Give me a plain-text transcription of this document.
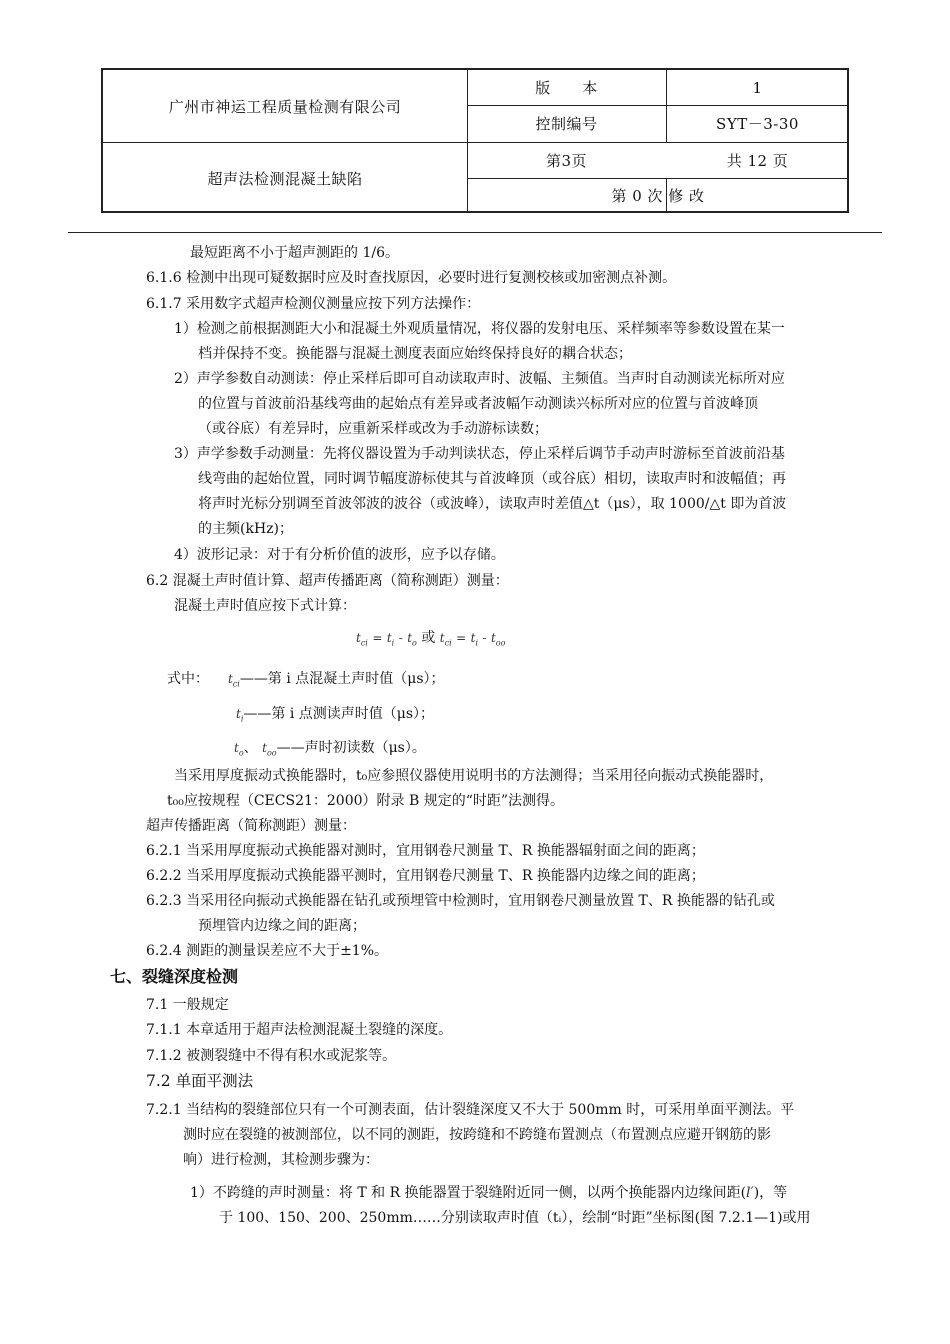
广州市神运工程质量检测有限公司
超声法检测混凝土缺陷
版      本	1
控制编号	SYT－3-30
第3页	共 12 页
第 0 次 修 改
最短距离不小于超声测距的 1/6。
6.1.6 检测中出现可疑数据时应及时查找原因，必要时进行复测校核或加密测点补测。
6.1.7 采用数字式超声检测仪测量应按下列方法操作：
1）检测之前根据测距大小和混凝土外观质量情况，将仪器的发射电压、采样频率等参数设置在某一
档并保持不变。换能器与混凝土测度表面应始终保持良好的耦合状态；
2）声学参数自动测读：停止采样后即可自动读取声时、波幅、主频值。当声时自动测读光标所对应
的位置与首波前沿基线弯曲的起始点有差异或者波幅乍动测读兴标所对应的位置与首波峰顶
（或谷底）有差异时，应重新采样或改为手动游标读数；
3）声学参数手动测量：先将仪器设置为手动判读状态，停止采样后调节手动声时游标至首波前沿基
线弯曲的起始位置，同时调节幅度游标使其与首波峰顶（或谷底）相切，读取声时和波幅值；再
将声时光标分别调至首波邻波的波谷（或波峰），读取声时差值△t（μs），取 1000/△t 即为首波
的主频(kHz)；
4）波形记录：对于有分析价值的波形，应予以存储。
6.2 混凝土声时值计算、超声传播距离（简称测距）测量：
混凝土声时值应按下式计算：
$t_{ci} = t_i - t_o$ 或 $t_{ci} = t_i - t_{oo}$
式中： $t_{ci}——$第 i 点混凝土声时值（μs）；
$t_i——$第 i 点测读声时值（μs）；
$t_o$、 $t_{oo}——$声时初读数（μs）。
当采用厚度振动式换能器时，t₀应参照仪器使用说明书的方法测得；当采用径向振动式换能器时，
t₀₀应按规程（CECS21：2000）附录 B 规定的“时距”法测得。
超声传播距离（简称测距）测量：
6.2.1 当采用厚度振动式换能器对测时，宜用钢卷尺测量 T、R 换能器辐射面之间的距离；
6.2.2 当采用厚度振动式换能器平测时，宜用钢卷尺测量 T、R 换能器内边缘之间的距离；
6.2.3 当采用径向振动式换能器在钻孔或预埋管中检测时，宜用钢卷尺测量放置 T、R 换能器的钻孔或
预埋管内边缘之间的距离；
6.2.4 测距的测量误差应不大于±1%。
七、裂缝深度检测
7.1 一般规定
7.1.1 本章适用于超声法检测混凝土裂缝的深度。
7.1.2 被测裂缝中不得有积水或泥浆等。
7.2 单面平测法
7.2.1 当结构的裂缝部位只有一个可测表面，估计裂缝深度又不大于 500mm 时，可采用单面平测法。平
测时应在裂缝的被测部位，以不同的测距，按跨缝和不跨缝布置测点（布置测点应避开钢筋的影
响）进行检测，其检测步骤为：
1）不跨缝的声时测量：将 T 和 R 换能器置于裂缝附近同一侧，以两个换能器内边缘间距(l′)，等
于 100、150、200、250mm……分别读取声时值（tᵢ），绘制“时距”坐标图(图 7.2.1—1)或用
